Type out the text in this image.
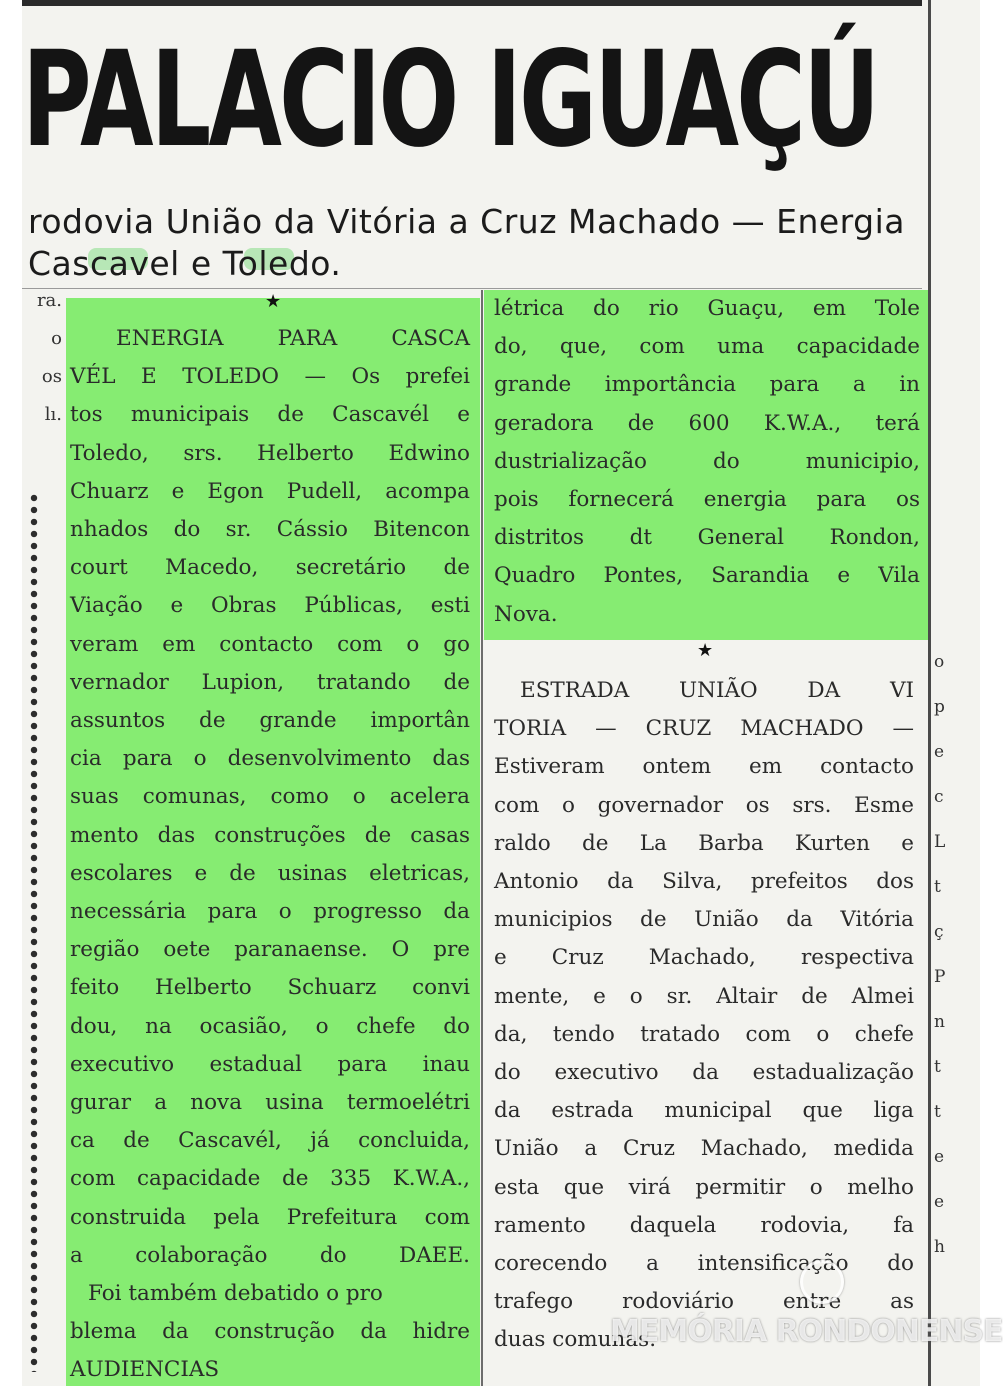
PALACIO IGUAÇÚ
rodovia União da Vitória a Cruz Machado — Energia
Cascavel e Toledo.
ra.
o
os
lı.
★
★
ENERGIA PARA CASCA
VÉL E TOLEDO — Os prefei
tos municipais de Cascavél e
Toledo, srs. Helberto Edwino
Chuarz e Egon Pudell, acompa
nhados do sr. Cássio Bitencon
court Macedo, secretário de
Viação e Obras Públicas, esti
veram em contacto com o go
vernador Lupion, tratando de
assuntos de grande importân
cia para o desenvolvimento das
suas comunas, como o acelera
mento das construções de casas
escolares e de usinas eletricas,
necessária para o progresso da
região oete paranaense. O pre
feito Helberto Schuarz convi
dou, na ocasião, o chefe do
executivo estadual para inau
gurar a nova usina termoelétri
ca de Cascavél, já concluida,
com capacidade de 335 K.W.A.,
construida pela Prefeitura com
a colaboração do DAEE.
Foi também debatido o pro
blema da construção da hidre
AUDIENCIAS
létrica do rio Guaçu, em Tole
do, que, com uma capacidade
grande importância para a in
geradora de 600 K.W.A., terá
dustrialização do municipio,
pois fornecerá energia para os
distritos dt General Rondon,
Quadro Pontes, Sarandia e Vila
Nova.
ESTRADA UNIÃO DA VI
TORIA — CRUZ MACHADO —
Estiveram ontem em contacto
com o governador os srs. Esme
raldo de La Barba Kurten e
Antonio da Silva, prefeitos dos
municipios de União da Vitória
e Cruz Machado, respectiva
mente, e o sr. Altair de Almei
da, tendo tratado com o chefe
do executivo da estadualização
da estrada municipal que liga
União a Cruz Machado, medida
esta que virá permitir o melho
ramento daquela rodovia, fa
corecendo a intensificação do
trafego rodoviário entre as
duas comunas.
o
p
e
c
L
t
ç
P
n
t
t
e
e
h
MEMÓRIA RONDONENSE
